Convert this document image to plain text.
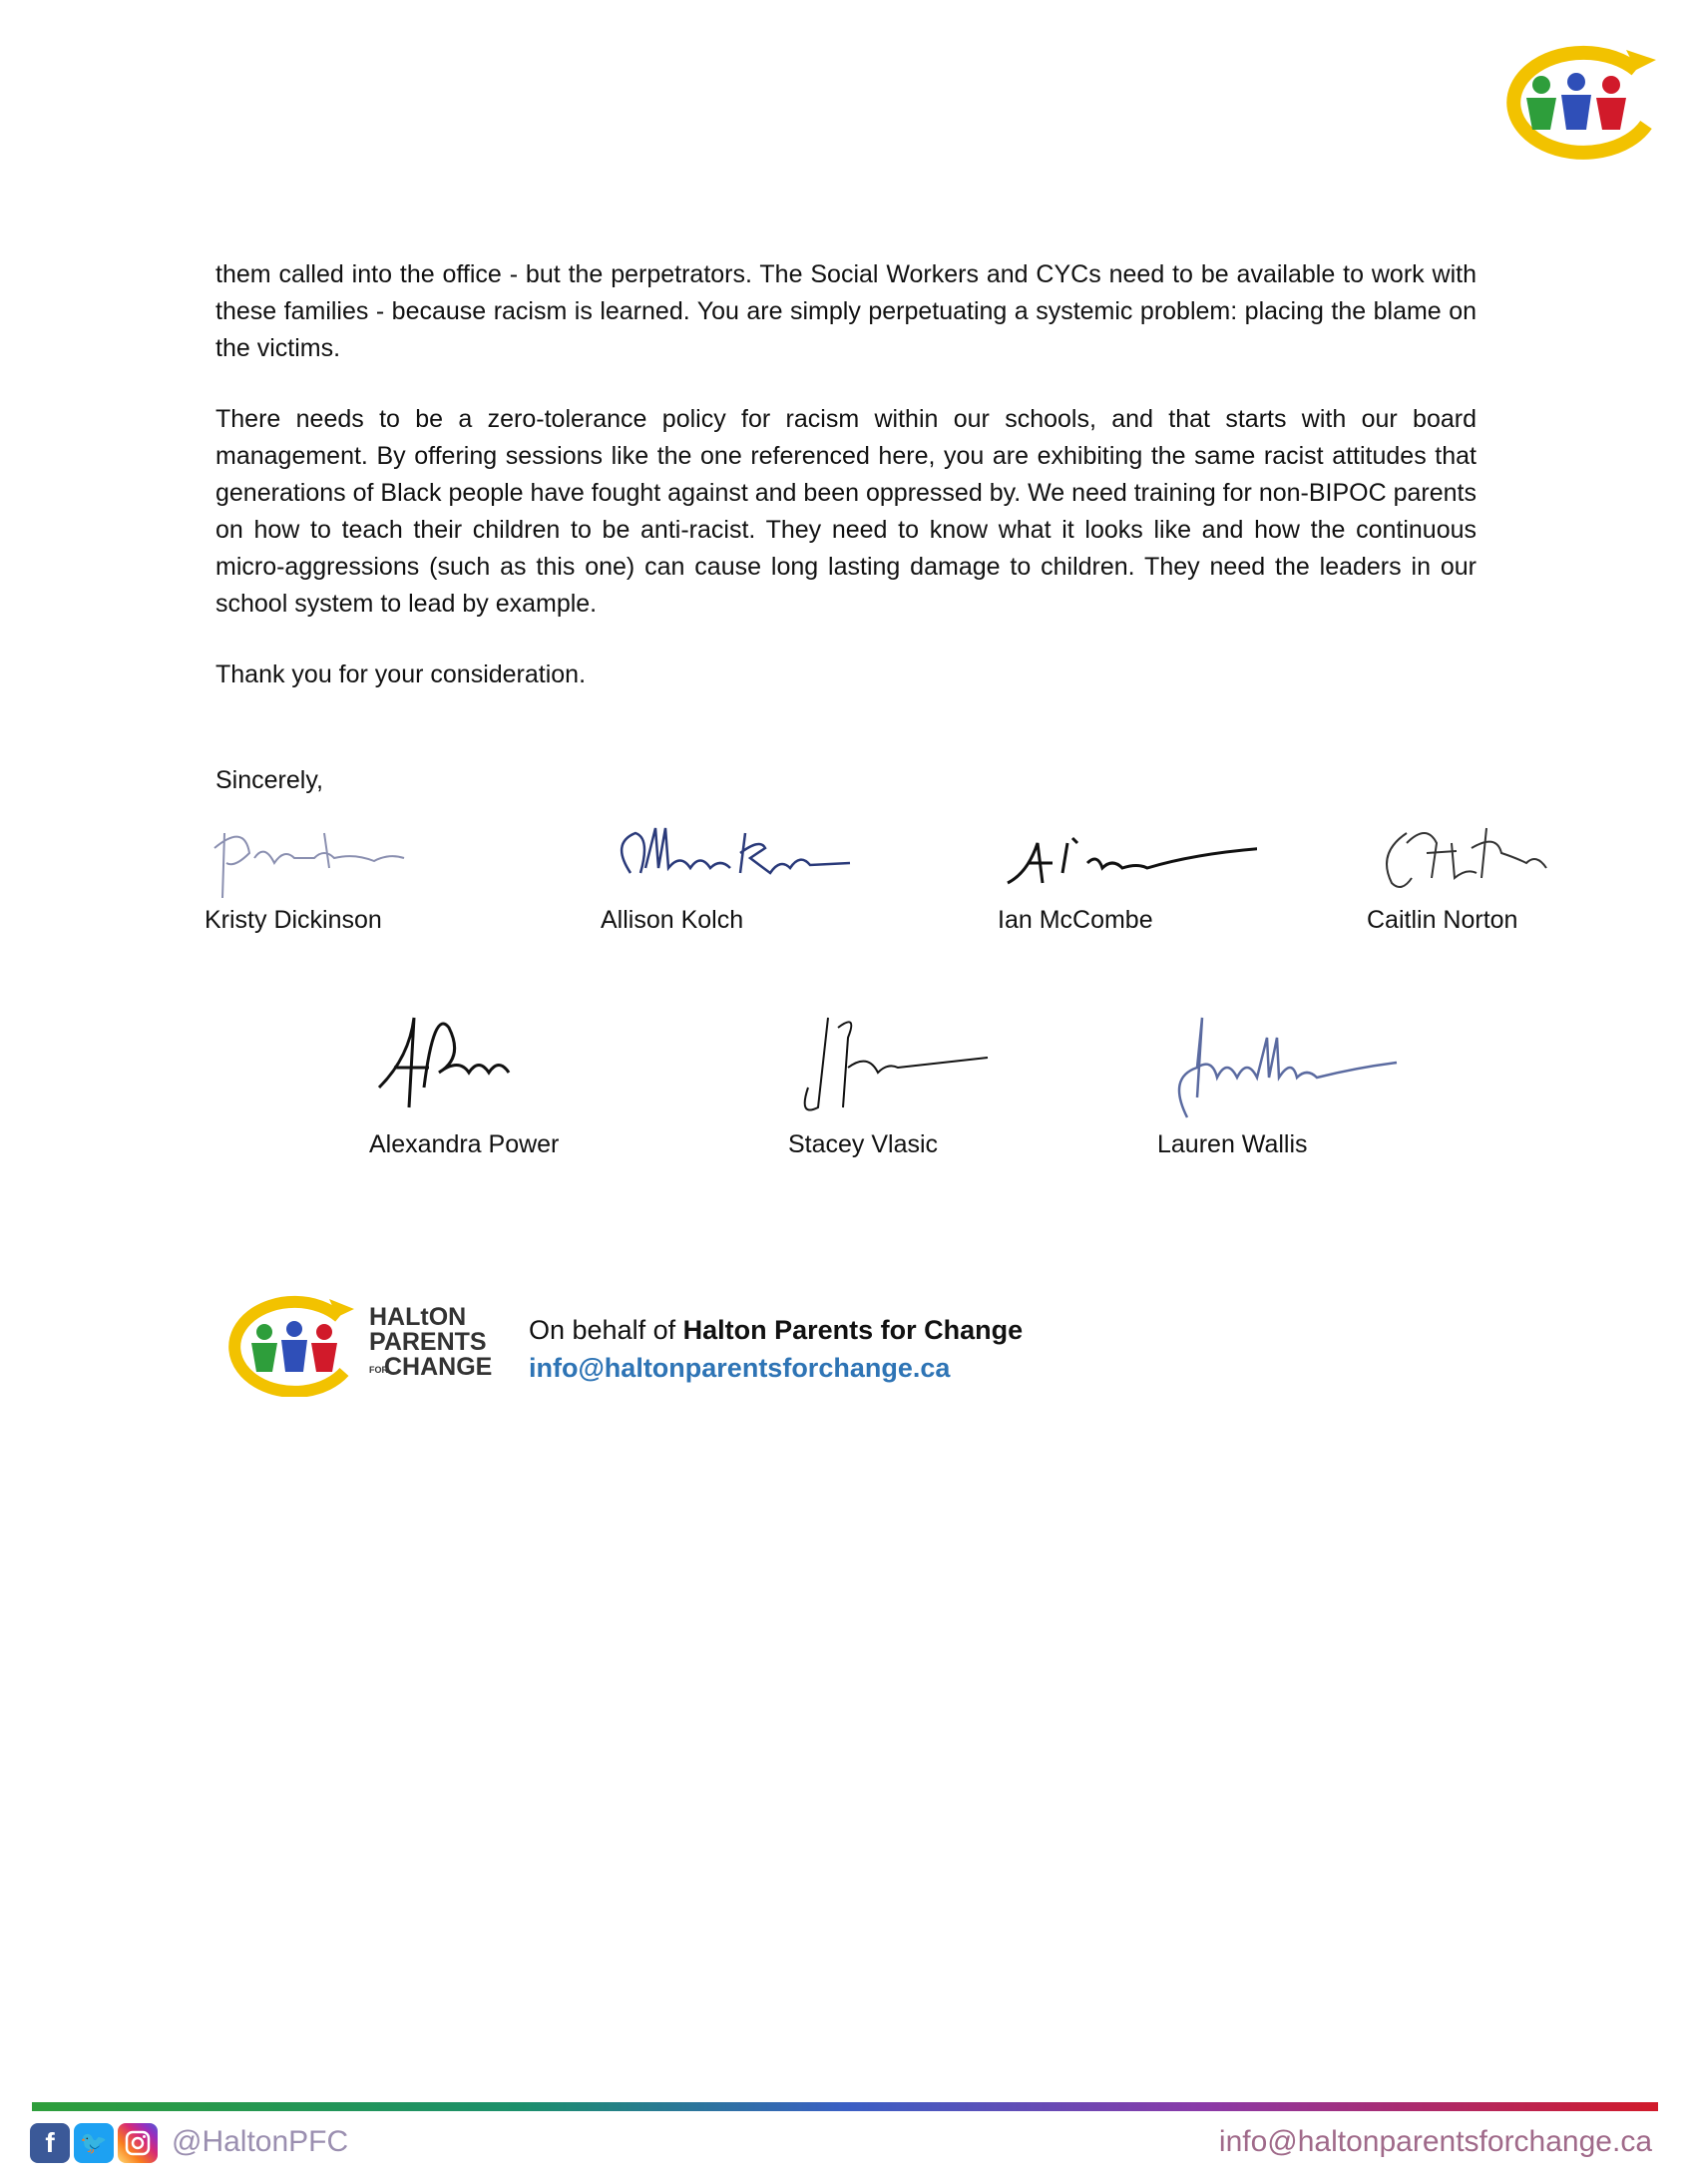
them called into the office - but the perpetrators. The Social Workers and CYCs need to be available to work with these families - because racism is learned. You are simply perpetuating a systemic problem: placing the blame on the victims.

There needs to be a zero-tolerance policy for racism within our schools, and that starts with our board management. By offering sessions like the one referenced here, you are exhibiting the same racist attitudes that generations of Black people have fought against and been oppressed by. We need training for non-BIPOC parents on how to teach their children to be anti-racist. They need to know what it looks like and how the continuous micro-aggressions (such as this one) can cause long lasting damage to children. They need the leaders in our school system to lead by example.

Thank you for your consideration.

Sincerely,

Kristy Dickinson	Allison Kolch	Ian McCombe	Caitlin Norton
Alexandra Power	Stacey Vlasic	Lauren Wallis
HALtON
PARENTS
FOR
CHANGE
On behalf of Halton Parents for Change
info@haltonparentsforchange.ca
f	🐦 @HaltonPFC	info@haltonparentsforchange.ca
